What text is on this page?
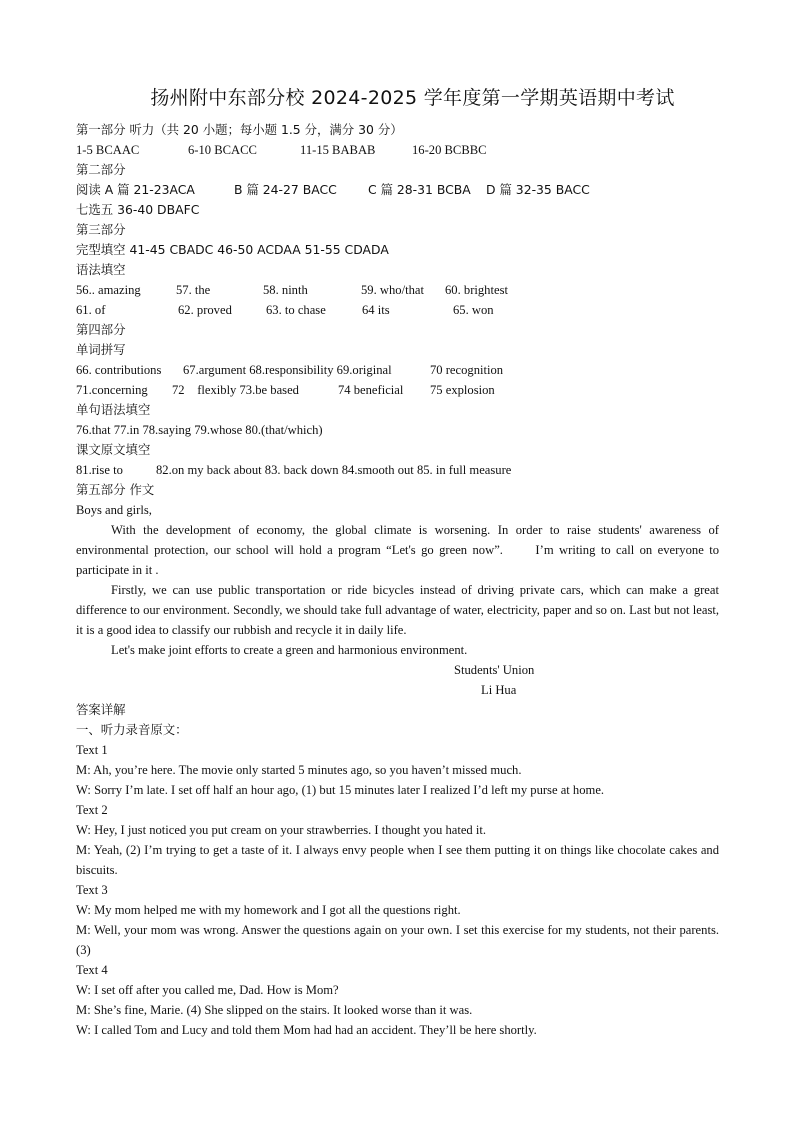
扬州附中东部分校 2024-2025 学年度第一学期英语期中考试
第一部分 听力（共 20 小题；每小题 1.5 分，满分 30 分）
1-5 BCAAC	6-10 BCACC	11-15 BABAB	16-20 BCBBC
第二部分
阅读 A 篇 21-23ACA	B 篇 24-27 BACC	C 篇 28-31 BCBA	D 篇 32-35 BACC
七选五 36-40 DBAFC
第三部分
完型填空 41-45 CBADC 46-50 ACDAA 51-55 CDADA
语法填空
56.. amazing	57. the	58. ninth	59. who/that	60. brightest
61. of	62. proved	63. to chase	64 its	65. won
第四部分
单词拼写
66. contributions	67.argument 68.responsibility 69.original	70 recognition
71.concerning	72    flexibly 73.be based	74 beneficial	75 explosion
单句语法填空
76.that 77.in 78.saying 79.whose 80.(that/which)
课文原文填空
81.rise to	82.on my back about 83. back down 84.smooth out 85. in full measure
第五部分 作文
Boys and girls,
With the development of economy, the global climate is worsening. In order to raise students' awareness of environmental protection, our school will hold a program “Let's go green now”.      I’m writing to call on everyone to participate in it .
Firstly, we can use public transportation or ride bicycles instead of driving private cars, which can make a great difference to our environment. Secondly, we should take full advantage of water, electricity, paper and so on. Last but not least, it is a good idea to classify our rubbish and recycle it in daily life.
Let's make joint efforts to create a green and harmonious environment.
Students' Union
Li Hua
答案详解
一、听力录音原文：
Text 1
M: Ah, you’re here. The movie only started 5 minutes ago, so you haven’t missed much.
W: Sorry I’m late. I set off half an hour ago, (1) but 15 minutes later I realized I’d left my purse at home.
Text 2
W: Hey, I just noticed you put cream on your strawberries. I thought you hated it.
M: Yeah, (2) I’m trying to get a taste of it. I always envy people when I see them putting it on things like chocolate cakes and biscuits.
Text 3
W: My mom helped me with my homework and I got all the questions right.
M: Well, your mom was wrong. Answer the questions again on your own. I set this exercise for my students, not their parents. (3)
Text 4
W: I set off after you called me, Dad. How is Mom?
M: She’s fine, Marie. (4) She slipped on the stairs. It looked worse than it was.
W: I called Tom and Lucy and told them Mom had had an accident. They’ll be here shortly.
